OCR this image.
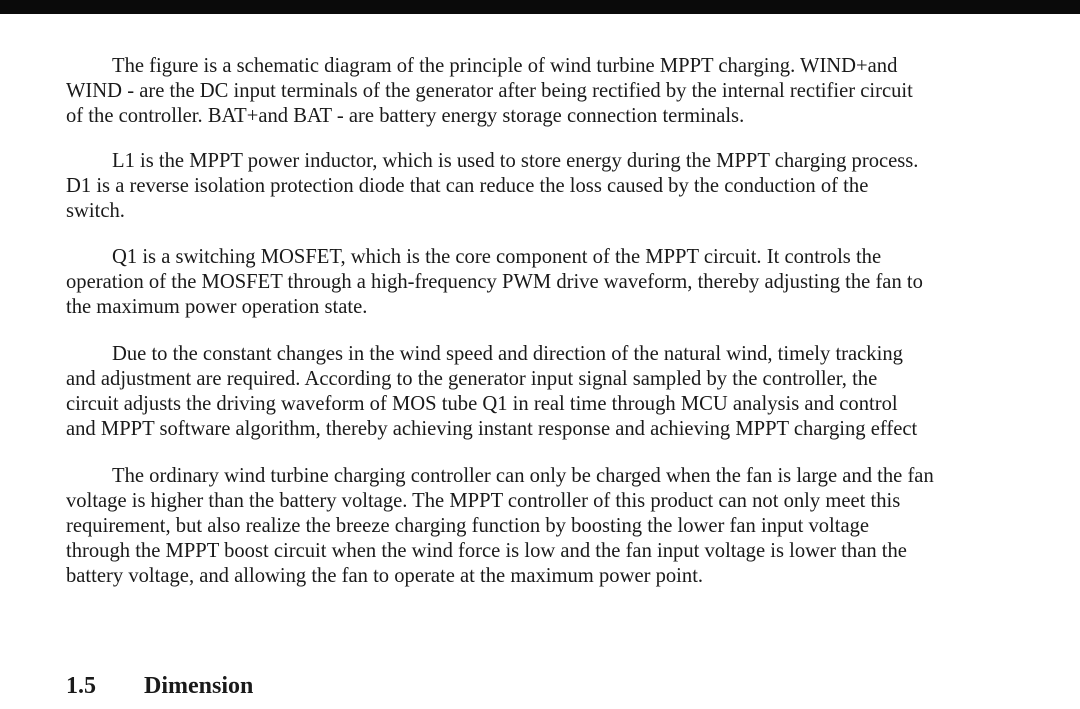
The figure is a schematic diagram of the principle of wind turbine MPPT charging. WIND+and
WIND - are the DC input terminals of the generator after being rectified by the internal rectifier circuit
of the controller. BAT+and BAT - are battery energy storage connection terminals.

L1 is the MPPT power inductor, which is used to store energy during the MPPT charging process.
D1 is a reverse isolation protection diode that can reduce the loss caused by the conduction of the
switch.

Q1 is a switching MOSFET, which is the core component of the MPPT circuit. It controls the
operation of the MOSFET through a high-frequency PWM drive waveform, thereby adjusting the fan to
the maximum power operation state.

Due to the constant changes in the wind speed and direction of the natural wind, timely tracking
and adjustment are required. According to the generator input signal sampled by the controller, the
circuit adjusts the driving waveform of MOS tube Q1 in real time through MCU analysis and control
and MPPT software algorithm, thereby achieving instant response and achieving MPPT charging effect

The ordinary wind turbine charging controller can only be charged when the fan is large and the fan
voltage is higher than the battery voltage. The MPPT controller of this product can not only meet this
requirement, but also realize the breeze charging function by boosting the lower fan input voltage
through the MPPT boost circuit when the wind force is low and the fan input voltage is lower than the
battery voltage, and allowing the fan to operate at the maximum power point.

1.5 Dimension
